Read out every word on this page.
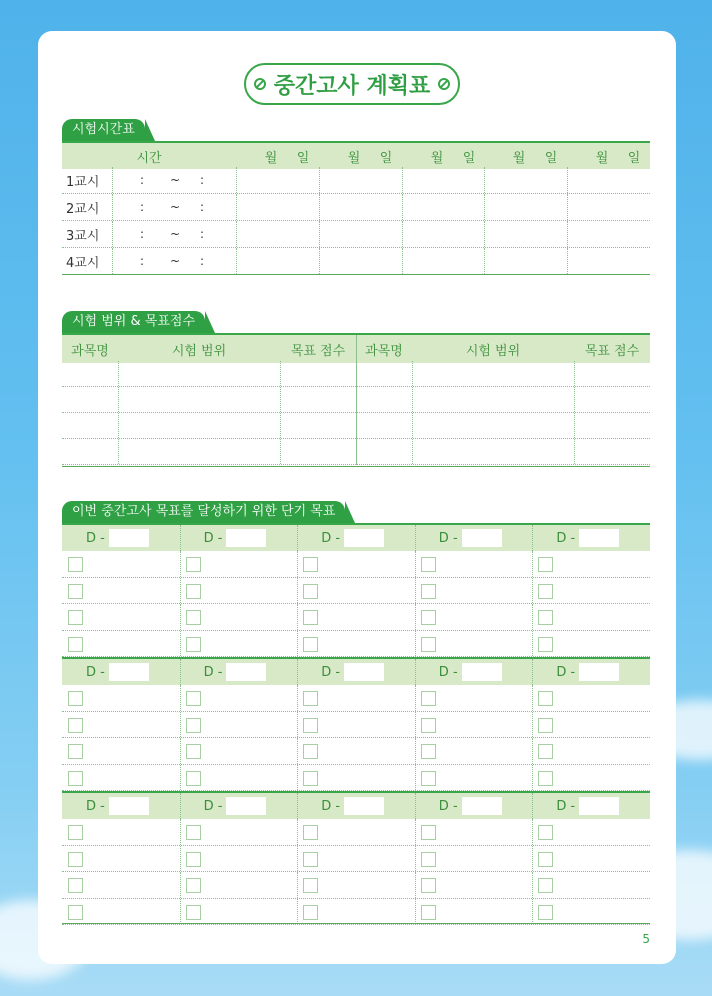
중간고사 계획표
시험시간표
시간	월 일	월 일	월 일	월 일	월 일
1교시	: ~ :
2교시	: ~ :
3교시	: ~ :
4교시	: ~ :
시험 범위 & 목표점수
과목명	시험 범위	목표 점수	과목명	시험 범위	목표 점수
이번 중간고사 목표를 달성하기 위한 단기 목표
D -	D -	D -	D -	D -
D -	D -	D -	D -	D -
D -	D -	D -	D -	D -
5
